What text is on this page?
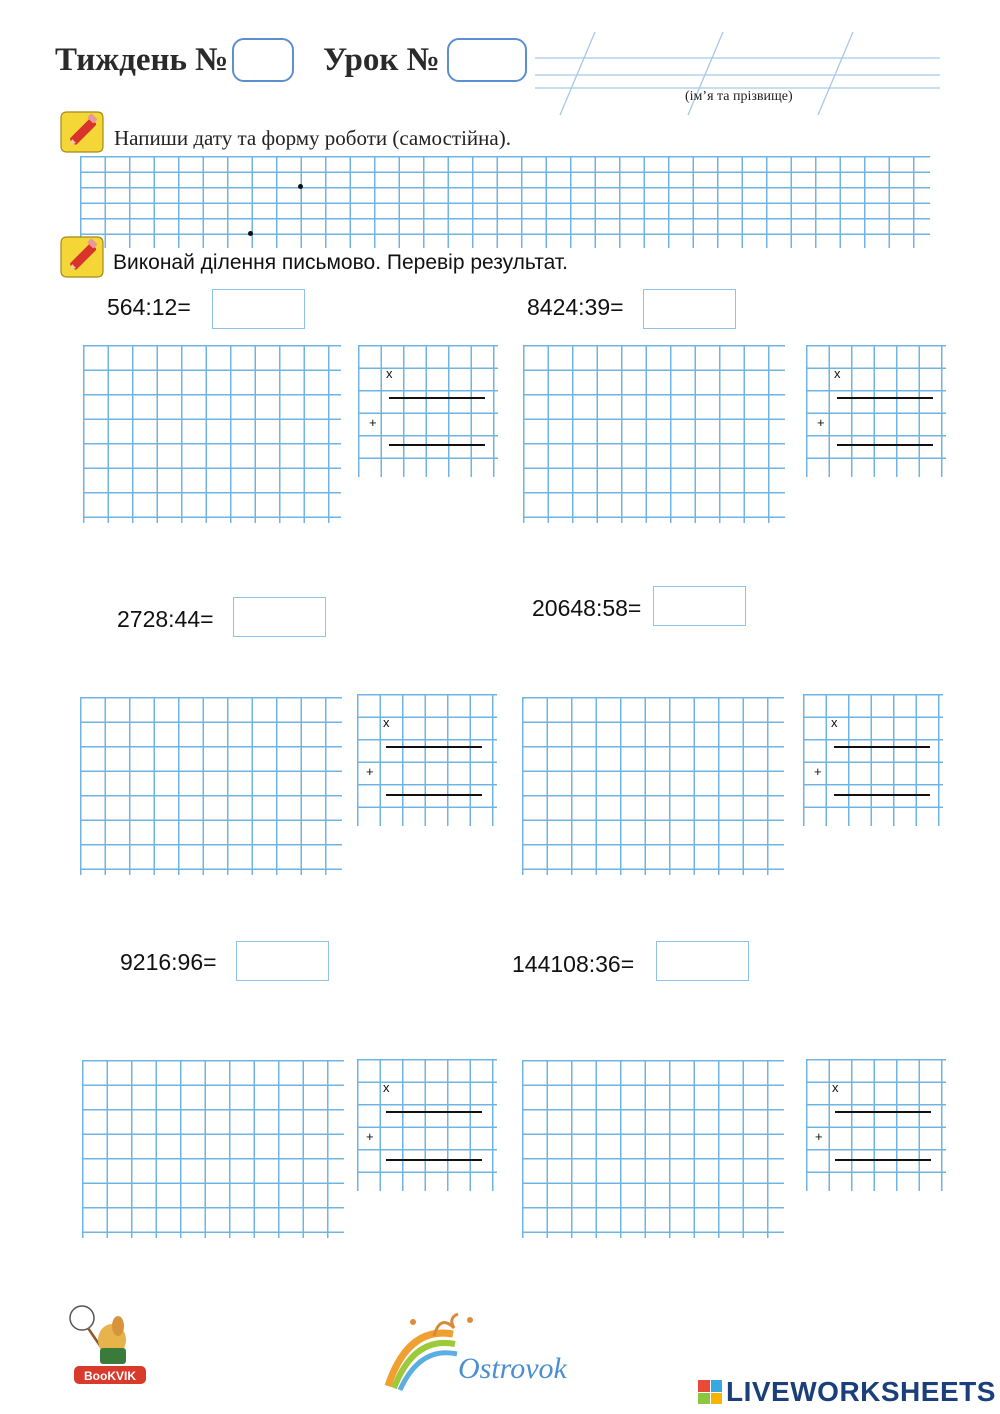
Тиждень №	Урок №
(ім’я та прізвище)
Напиши дату та форму роботи (самостійна).
Виконай ділення письмово. Перевір результат.
564:12=
x
+
8424:39=
x
+
2728:44=
x
+
20648:58=
x
+
9216:96=
x
+
144108:36=
x
+
BooKVIK	Ostrovok
LIVEWORKSHEETS
